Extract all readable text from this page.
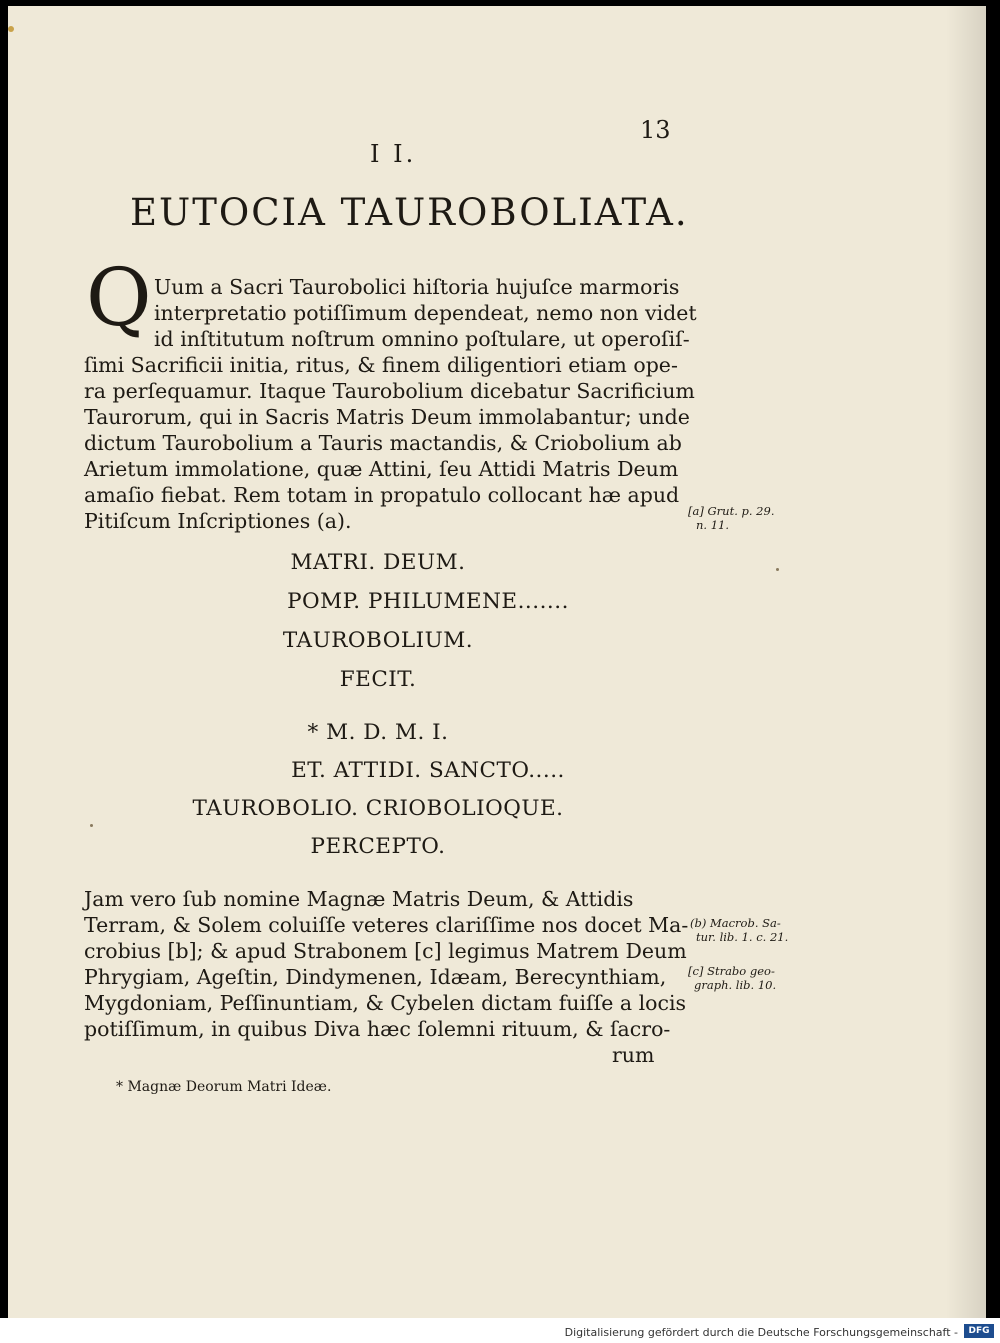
13
I I.
EUTOCIA TAUROBOLIATA.
Q Uum a Sacri Taurobolici hiſtoria hujuſce marmoris
interpretatio potiſſimum dependeat, nemo non videt
id inſtitutum noſtrum omnino poſtulare, ut operoſiſ-
ſimi Sacrificii initia, ritus, & finem diligentiori etiam ope-
ra perſequamur. Itaque Taurobolium dicebatur Sacrificium
Taurorum, qui in Sacris Matris Deum immolabantur; unde
dictum Taurobolium a Tauris mactandis, & Criobolium ab
Arietum immolatione, quæ Attini, ſeu Attidi Matris Deum
amaſio fiebat. Rem totam in propatulo collocant hæ apud
Pitiſcum Inſcriptiones (a).	[a] Grut. p. 29.
n. 11.
MATRI. DEUM.
POMP. PHILUMENE.......
TAUROBOLIUM.
FECIT.
* M. D. M. I.
ET. ATTIDI. SANCTO.....
TAUROBOLIO. CRIOBOLIOQUE.
PERCEPTO.
Jam vero ſub nomine Magnæ Matris Deum, & Attidis
Terram, & Solem coluiſſe veteres clariſſime nos docet Ma-
crobius [b]; & apud Strabonem [c] legimus Matrem Deum
Phrygiam, Ageſtin, Dindymenen, Idæam, Berecynthiam,
Mygdoniam, Peſſinuntiam, & Cybelen dictam fuiſſe a locis
potiſſimum, in quibus Diva hæc ſolemni rituum, & ſacro-
rum
(b) Macrob. Sa-
tur. lib. 1. c. 21.
[c] Strabo geo-
graph. lib. 10.
* Magnæ Deorum Matri Ideæ.
Digitalisierung gefördert durch die Deutsche Forschungsgemeinschaft -	DFG
